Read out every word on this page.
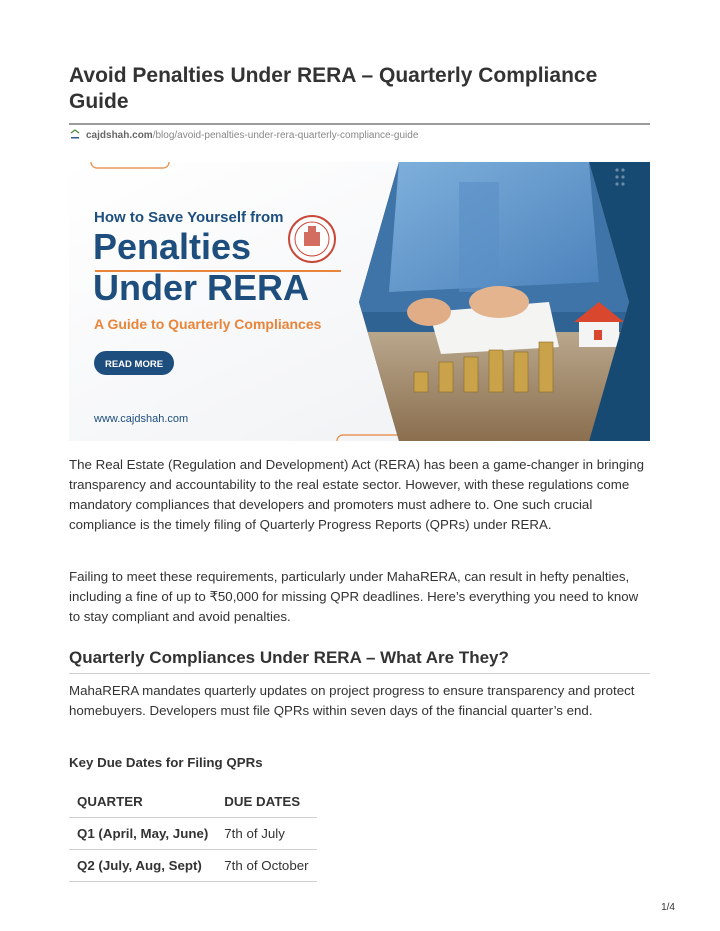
Avoid Penalties Under RERA – Quarterly Compliance Guide
cajdshah.com /blog/avoid-penalties-under-rera-quarterly-compliance-guide
How to Save Yourself from
Penalties
Under RERA
A Guide to Quarterly Compliances
READ MORE
www.cajdshah.com

The Real Estate (Regulation and Development) Act (RERA) has been a game-changer in bringing transparency and accountability to the real estate sector. However, with these regulations come mandatory compliances that developers and promoters must adhere to. One such crucial compliance is the timely filing of Quarterly Progress Reports (QPRs) under RERA.

Failing to meet these requirements, particularly under MahaRERA, can result in hefty penalties, including a fine of up to ₹50,000 for missing QPR deadlines. Here’s everything you need to know to stay compliant and avoid penalties.

Quarterly Compliances Under RERA – What Are They?

MahaRERA mandates quarterly updates on project progress to ensure transparency and protect homebuyers. Developers must file QPRs within seven days of the financial quarter’s end.

Key Due Dates for Filing QPRs
QUARTER	DUE DATES
Q1 (April, May, June)	7th of July
Q2 (July, Aug, Sept)	7th of October
1/4
